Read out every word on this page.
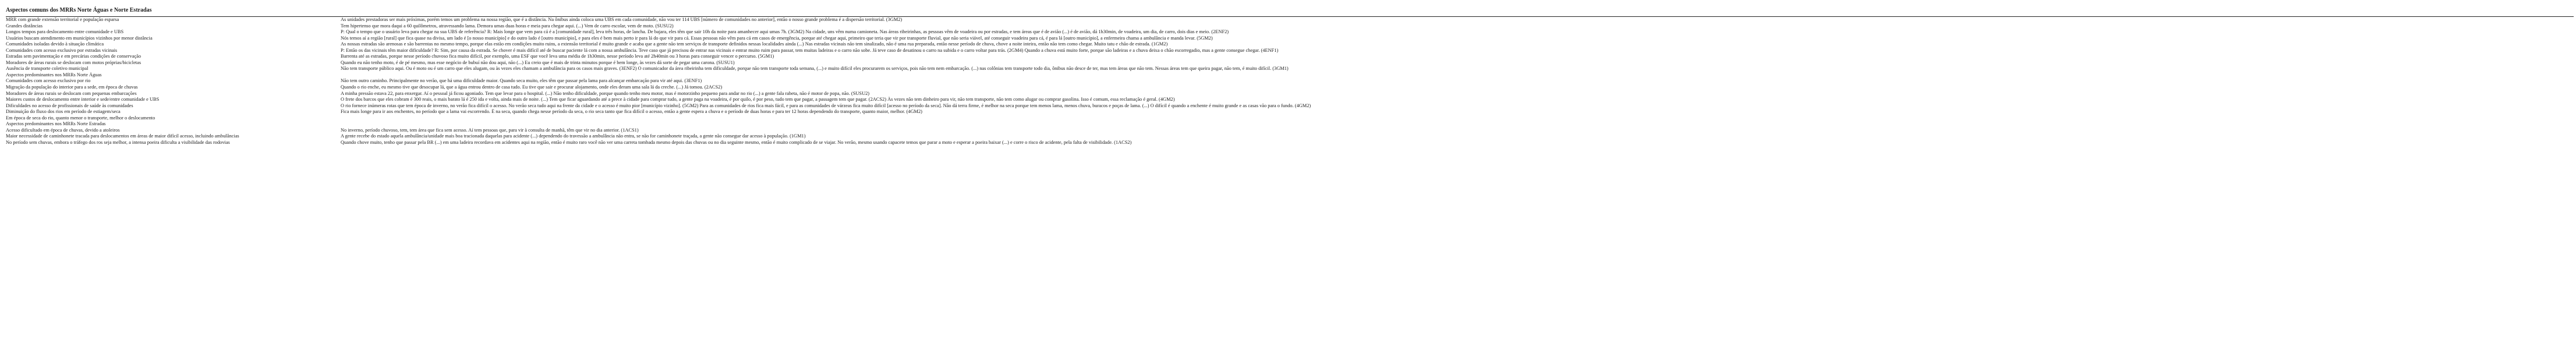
Aspectos comuns dos MRRs Norte Águas e Norte Estradas
MRR com grande extensão territorial e população esparsa	As unidades prestadoras ser mais próximas, porém temos um problema na nossa região, que é a distância. Na ônibus ainda coloca uma UBS em cada comunidade, não vou ter 114 UBS [número de comunidades no anterior], então o nosso grande problema é a dispersão territorial. (3GM2)
Grandes distâncias	Tem hipertenso que mora daqui a 60 quilômetros, atravessando lama. Demora umas duas horas e meia para chegar aqui. (...) Vem de carro escolar, vem de moto. (SUSU2)
Longos tempos para deslocamento entre comunidade e UBS	P: Qual o tempo que o usuário leva para chegar na sua UBS de referência? R: Mais longe que vem para cá é a [comunidade rural], leva três horas, de lancha. De bajara, eles têm que sair 10h da noite para amanhecer aqui umas 7h. (3GM2) Na cidade, uns vêm numa camioneta. Nas áreas ribeirinhas, as pessoas vêm de voadeira ou por estradas, e tem áreas que é de avião (...) é de avião, dá 1h30min, de voadeira, um dia, de carro, dois dias e meio. (2ENF2)
Usuários buscam atendimento em municípios vizinhos por menor distância	Nós temos aí a região [rural] que fica quase na divisa, um lado é [o nosso município] e do outro lado é [outro município], e para eles é bem mais perto ir para lá do que vir para cá. Essas pessoas não vêm para cá em casos de emergência, porque até chegar aqui, primeiro que teria que vir por transporte fluvial, que não seria viável, até conseguir voadeira para cá, é para lá [outro município], a enfermeira chama a ambulância e manda levar. (5GM2)
Comunidades isoladas devido à situação climática	As nossas estradas são arenosas e são barrentas no mesmo tempo, porque elas estão em condições muito ruins, a extensão territorial é muito grande e acaba que a gente não tem serviços de transporte definidos nessas localidades ainda (...) Nas estradas vicinais não tem sinalizado, não é uma rua preparada, então nesse período de chuva, chove a noite inteira, então não tem como chegar. Muito tatu e chão de estrada. (1GM2)
Comunidades com acesso exclusivo por estradas vicinais	P: Então os das vicinais têm maior dificuldade? R: Sim, por causa da estrada. Se chover é mais difícil até de buscar paciente lá com a nossa ambulância. Teve caso que já precisou de entrar nas vicinais e entrar muito ruim para passar, tem muitas ladeiras e o carro não sobe. Já teve caso de desatinou o carro na subida e o carro voltar para trás. (2GM4) Quando a chuva está muito forte, porque são ladeiras e a chuva deixa o chão escorregadio, mas a gente consegue chegar. (4ENF1)
Estradas sem pavimentação e em precárias condições de conservação	Barrenta até as estradas, porque nesse período chuvoso fica muito difícil, por exemplo, uma ESF que você leva uma média de 1h30min, nesse período leva até 2h40min ou 3 horas para conseguir vencer o percurso. (5GM1)
Moradores de áreas rurais se deslocam com motos próprias/bicicletas	Quando eu não tenho moto, é de pé mesmo, mas esse negócio de bubuí não dou aqui, não (...) Eu creio que é mais de trinta minutos porque é bem longe, às vezes dá sorte de pegar uma carona. (SUSU1)
Ausência de transporte coletivo municipal	Não tem transporte público aqui. Ou é moto ou é um carro que eles alugam, ou às vezes eles chamam a ambulância para os casos mais graves. (3ENF2) O comunicador da área ribeirinha tem dificuldade, porque não tem transporte toda semana, (...) e muito difícil eles procurarem os serviços, pois não tem nem embarcação. (...) nas colônias tem transporte todo dia, ônibus não desce de ter, mas tem áreas que não tem. Nessas áreas tem que queira pagar, não tem, é muito difícil. (3GM1)
Aspectos predominantes nos MRRs Norte Águas	
Comunidades com acesso exclusivo por rio	Não tem outro caminho. Principalmente no verão, que há uma dificuldade maior. Quando seca muito, eles têm que passar pela lama para alcançar embarcação para vir até aqui. (3ENF1)
Migração da população do interior para a sede, em época de chuvas	Quando o rio enche, eu mesmo tive que desocupar lá, que a água entrou dentro de casa tudo. Eu tive que sair e procurar alojamento, onde eles deram uma sala lá da creche. (...) Já tomou. (2ACS2)
Moradores de áreas rurais se deslocam com pequenas embarcações	A minha pressão estava 22, para enxergar. Aí o pessoal já ficou agoniado. Tem que levar para o hospital. (...) Não tenho dificuldade, porque quando tenho meu motor, mas é motorzinho pequeno para andar no rio (...) a gente fala rabeta, não é motor de popa, não. (SUSU2)
Maiores custos de deslocamento entre interior e sede/entre comunidade e UBS	O frete dos barcos que eles cobram é 300 reais, o mais barato lá é 250 ida e volta, ainda mais de noite. (...) Tem que ficar aguardando até a prece à cidade para comprar tudo, a gente paga na voadeira, é por quilo, é por peso, tudo tem que pagar, a passagem tem que pagar. (2ACS2) Às vezes não tem dinheiro para vir, não tem transporte, não tem como alugar ou comprar gasolina. Isso é comum, essa reclamação é geral. (4GM2)
Dificuldades no acesso de profissionais de saúde às comunidades	O rio fornece inúmeras rotas que tem época de inverno, no verão fica difícil o acesso. No verão seca tudo aqui na frente da cidade e o acesso é muito pior [município vizinho]. (5GM2) Para as comunidades de rios fica mais fácil, e para as comunidades de várzeas fica muito difícil [acesso no período da seca]. Não dá terra firme, é melhor na seca porque tem menos lama, menos chuva, buracos e poças de lama. (...) O difícil é quando a enchente é muito grande e as casas vão para o fundo. (4GM2)
Diminuição do fluxo dos rios em período de estiagem/seca	Fica mais longe para ir aos enchentes, no período que a lama vai escorrendo. É na seca, quando chega nesse período da seca, o rio seca tanto que fica difícil o acesso, então a gente espera a chuva e o período de duas horas e para ter 12 horas dependendo do transporte, quanto maior, melhor. (4GM2)
Em época de seca do rio, quanto menor o transporte, melhor o deslocamento	
Aspectos predominantes nos MRRs Norte Estradas	
Acesso dificultado em época de chuvas, devido a atoleiros	No inverno, período chuvoso, tem, tem área que fica sem acesso. Aí tem pessoas que, para vir à consulta de manhã, têm que vir no dia anterior. (1ACS1)
Maior necessidade de caminhonete tracada para deslocamentos em áreas de maior difícil acesso, incluindo ambulâncias	A gente recebe do estado aquela ambulância/unidade mais boa tracionada daquelas para acidente (...) dependendo do travessão a ambulância não entra, se não for caminhonete traçada, a gente não consegue dar acesso à população. (1GM1)
No período sem chuvas, embora o tráfego dos ros seja melhor, a intensa poeira dificulta a visibilidade das rodovias	Quando chove muito, tenho que passar pela BR (...) em uma ladeira recordava em acidentes aqui na região, então é muito raro você não ver uma carreta tombada mesmo depois das chuvas ou no dia seguinte mesmo, então é muito complicado de se viajar. No verão, mesmo usando capacete temos que parar a moto e esperar a poeira baixar (...) e corre o risco de acidente, pela falta de visibilidade. (1ACS2)
